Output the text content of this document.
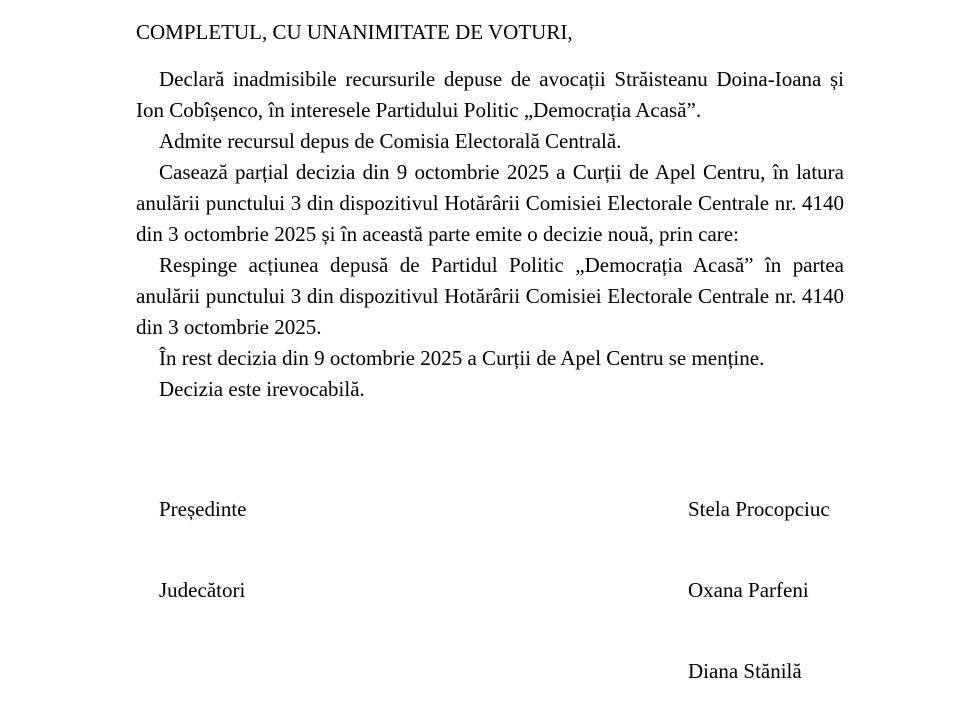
COMPLETUL, CU UNANIMITATE DE VOTURI,

Declară inadmisibile recursurile depuse de avocații Străisteanu Doina-Ioana și Ion Cobîșenco, în interesele Partidului Politic „Democrația Acasă”.

Admite recursul depus de Comisia Electorală Centrală.

Casează parțial decizia din 9 octombrie 2025 a Curții de Apel Centru, în latura anulării punctului 3 din dispozitivul Hotărârii Comisiei Electorale Centrale nr. 4140 din 3 octombrie 2025 și în această parte emite o decizie nouă, prin care:

Respinge acțiunea depusă de Partidul Politic „Democrația Acasă” în partea anulării punctului 3 din dispozitivul Hotărârii Comisiei Electorale Centrale nr. 4140 din 3 octombrie 2025.

În rest decizia din 9 octombrie 2025 a Curții de Apel Centru se menține.

Decizia este irevocabilă.

Președinte	Stela Procopciuc
Judecători	Oxana Parfeni
Diana Stănilă
